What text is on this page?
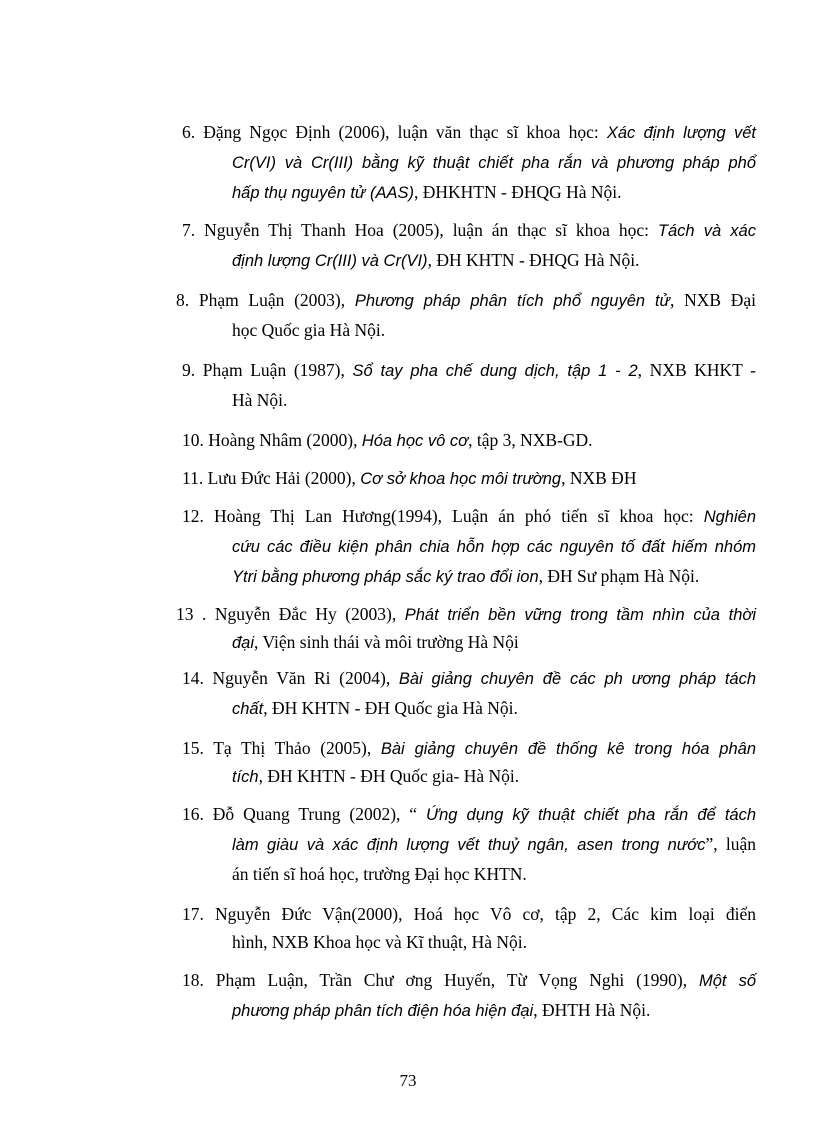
6. Đặng Ngọc Định (2006), luận văn thạc sĩ khoa học: Xác định lượng vết
Cr(VI) và Cr(III) bằng kỹ thuật chiết pha rắn và phương pháp phổ
hấp thụ nguyên tử (AAS), ĐHKHTN - ĐHQG Hà Nội.
7. Nguyễn Thị Thanh Hoa (2005), luận án thạc sĩ khoa học: Tách và xác
định lượng Cr(III) và Cr(VI), ĐH KHTN - ĐHQG Hà Nội.
8. Phạm Luận (2003), Phương pháp phân tích phổ nguyên tử, NXB Đại
học Quốc gia Hà Nội.
9. Phạm Luận (1987), Sổ tay pha chế dung dịch, tập 1 - 2, NXB KHKT -
Hà Nội.
10. Hoàng Nhâm (2000), Hóa học vô cơ, tập 3, NXB-GD.
11. Lưu Đức Hải (2000), Cơ sở khoa học môi trường, NXB ĐH
12. Hoàng Thị Lan Hương(1994), Luận án phó tiến sĩ khoa học: Nghiên
cứu các điều kiện phân chia hỗn hợp các nguyên tố đất hiếm nhóm
Ytri bằng phương pháp sắc ký trao đổi ion, ĐH Sư phạm Hà Nội.
13 . Nguyễn Đắc Hy (2003), Phát triển bền vững trong tầm nhìn của thời
đại, Viện sinh thái và môi trường Hà Nội
14. Nguyễn Văn Ri (2004), Bài giảng chuyên đề các ph ương pháp tách
chất, ĐH KHTN - ĐH Quốc gia Hà Nội.
15. Tạ Thị Thảo (2005), Bài giảng chuyên đề thống kê trong hóa phân
tích, ĐH KHTN - ĐH Quốc gia- Hà Nội.
16. Đỗ Quang Trung (2002), “ Ứng dụng kỹ thuật chiết pha rắn để tách
làm giàu và xác định lượng vết thuỷ ngân, asen trong nước”, luận
án tiến sĩ hoá học, trường Đại học KHTN.
17. Nguyễn Đức Vận(2000), Hoá học Vô cơ, tập 2, Các kim loại điển
hình, NXB Khoa học và Kĩ thuật, Hà Nội.
18. Phạm Luận, Trần Chư ơng Huyến, Từ Vọng Nghi (1990), Một số
phương pháp phân tích điện hóa hiện đại, ĐHTH Hà Nội.
73
